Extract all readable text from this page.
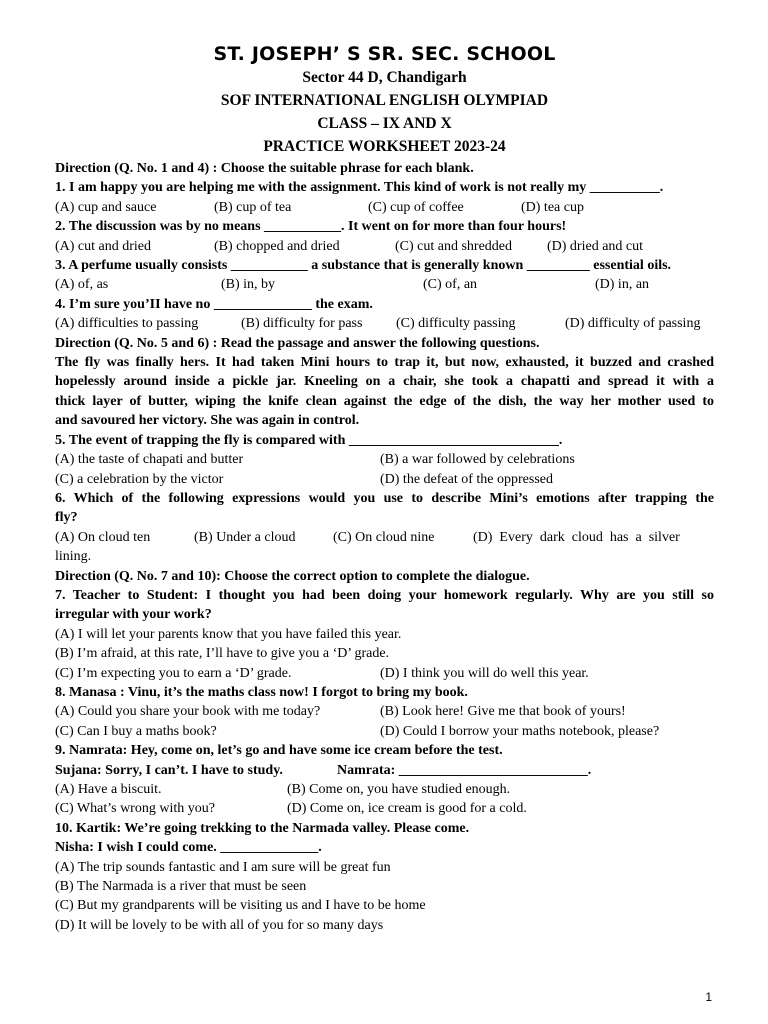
ST. JOSEPH’ S SR. SEC. SCHOOL
Sector 44 D, Chandigarh
SOF INTERNATIONAL ENGLISH OLYMPIAD
CLASS – IX AND X
PRACTICE WORKSHEET 2023-24
Direction (Q. No. 1 and 4) : Choose the suitable phrase for each blank.
1. I am happy you are helping me with the assignment. This kind of work is not really my __________.
(A) cup and sauce	(B) cup of tea	(C) cup of coffee	(D) tea cup
2. The discussion was by no means ___________. It went on for more than four hours!
(A) cut and dried	(B) chopped and dried	(C) cut and shredded	(D) dried and cut
3. A perfume usually consists ___________ a substance that is generally known _________ essential oils.
(A) of, as	(B) in, by	(C) of, an	(D) in, an
4. I’m sure you’II have no ______________ the exam.
(A) difficulties to passing	(B) difficulty for pass	(C) difficulty passing	(D) difficulty of passing
Direction (Q. No. 5 and 6) : Read the passage and answer the following questions.
The fly was finally hers. It had taken Mini hours to trap it, but now, exhausted, it buzzed and crashed
hopelessly around inside a pickle jar. Kneeling on a chair, she took a chapatti and spread it with a
thick layer of butter, wiping the knife clean against the edge of the dish, the way her mother used to
and savoured her victory. She was again in control.
5. The event of trapping the fly is compared with ______________________________.
(A) the taste of chapati and butter	(B) a war followed by celebrations
(C) a celebration by the victor	(D) the defeat of the oppressed
6. Which of the following expressions would you use to describe Mini’s emotions after trapping the
fly?
(A) On cloud ten	(B) Under a cloud	(C) On cloud nine	(D)  Every  dark  cloud  has  a  silver
lining.
Direction (Q. No. 7 and 10): Choose the correct option to complete the dialogue.
7. Teacher to Student: I thought you had been doing your homework regularly. Why are you still so
irregular with your work?
(A) I will let your parents know that you have failed this year.
(B) I’m afraid, at this rate, I’ll have to give you a ‘D’ grade.
(C) I’m expecting you to earn a ‘D’ grade.	(D) I think you will do well this year.
8. Manasa : Vinu, it’s the maths class now! I forgot to bring my book.
(A) Could you share your book with me today?	(B) Look here! Give me that book of yours!
(C) Can I buy a maths book?	(D) Could I borrow your maths notebook, please?
9. Namrata: Hey, come on, let’s go and have some ice cream before the test.
Sujana: Sorry, I can’t. I have to study.	Namrata: ___________________________.
(A) Have a biscuit.	(B) Come on, you have studied enough.
(C) What’s wrong with you?	(D) Come on, ice cream is good for a cold.
10. Kartik: We’re going trekking to the Narmada valley. Please come.
Nisha: I wish I could come. ______________.
(A) The trip sounds fantastic and I am sure will be great fun
(B) The Narmada is a river that must be seen
(C) But my grandparents will be visiting us and I have to be home
(D) It will be lovely to be with all of you for so many days
1
